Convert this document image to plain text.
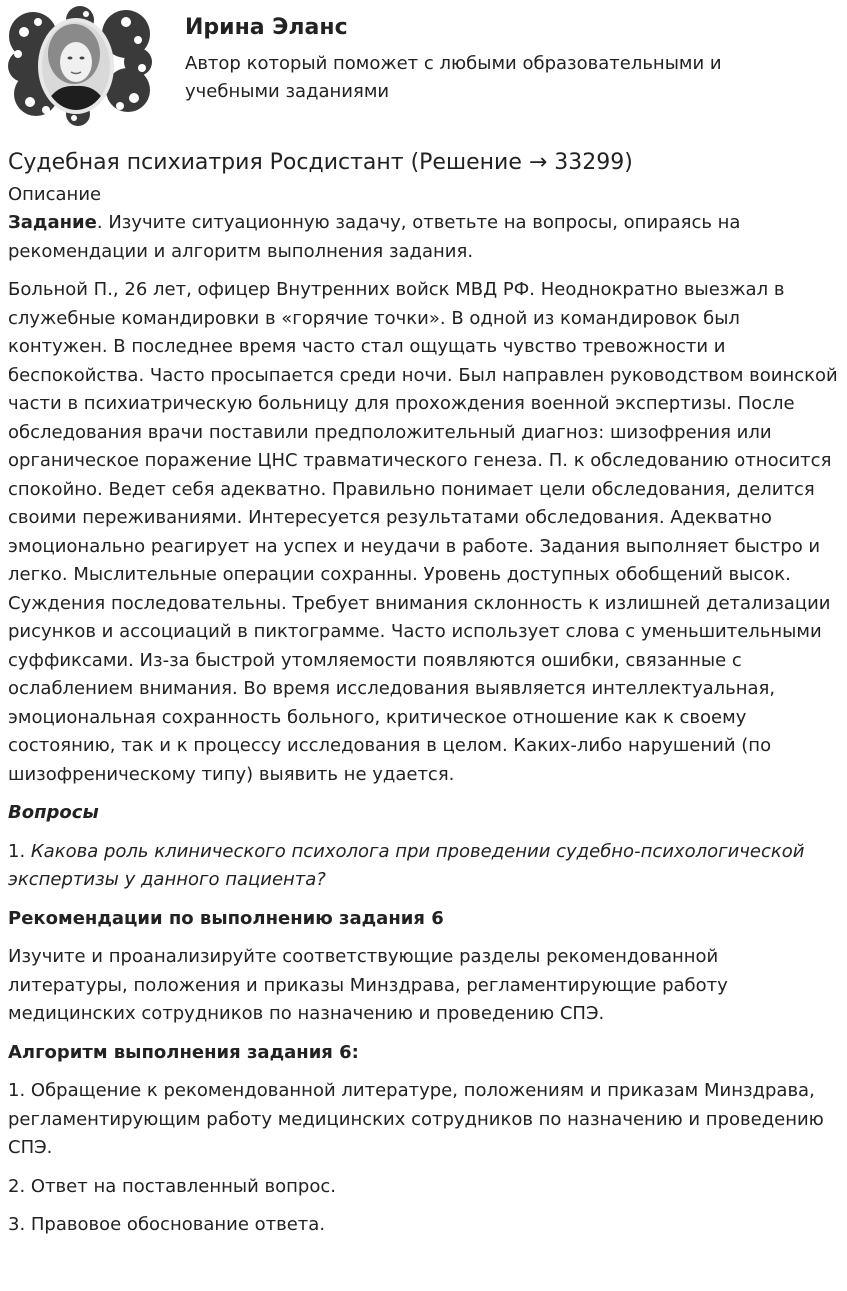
Ирина Эланс
Автор который поможет с любыми образовательными и учебными заданиями
Судебная психиатрия Росдистант (Решение → 33299)
Описание

Задание. Изучите ситуационную задачу, ответьте на вопросы, опираясь на рекомендации и алгоритм выполнения задания.

Больной П., 26 лет, офицер Внутренних войск МВД РФ. Неоднократно выезжал в служебные командировки в «горячие точки». В одной из командировок был контужен. В последнее время часто стал ощущать чувство тревожности и беспокойства. Часто просыпается среди ночи. Был направлен руководством воинской части в психиатрическую больницу для прохождения военной экспертизы. После обследования врачи поставили предположительный диагноз: шизофрения или органическое поражение ЦНС травматического генеза. П. к обследованию относится спокойно. Ведет себя адекватно. Правильно понимает цели обследования, делится своими переживаниями. Интересуется результатами обследования. Адекватно эмоционально реагирует на успех и неудачи в работе. Задания выполняет быстро и легко. Мыслительные операции сохранны. Уровень доступных обобщений высок. Суждения последовательны. Требует внимания склонность к излишней детализации рисунков и ассоциаций в пиктограмме. Часто использует слова с уменьшительными суффиксами. Из-за быстрой утомляемости появляются ошибки, связанные с ослаблением внимания. Во время исследования выявляется интеллектуальная, эмоциональная сохранность больного, критическое отношение как к своему состоянию, так и к процессу исследования в целом. Каких-либо нарушений (по шизофреническому типу) выявить не удается.

Вопросы

1. Какова роль клинического психолога при проведении судебно-психологической экспертизы у данного пациента?

Рекомендации по выполнению задания 6

Изучите и проанализируйте соответствующие разделы рекомендованной литературы, положения и приказы Минздрава, регламентирующие работу медицинских сотрудников по назначению и проведению СПЭ.

Алгоритм выполнения задания 6:

1. Обращение к рекомендованной литературе, положениям и приказам Минздрава, регламентирующим работу медицинских сотрудников по назначению и проведению СПЭ.

2. Ответ на поставленный вопрос.

3. Правовое обоснование ответа.
